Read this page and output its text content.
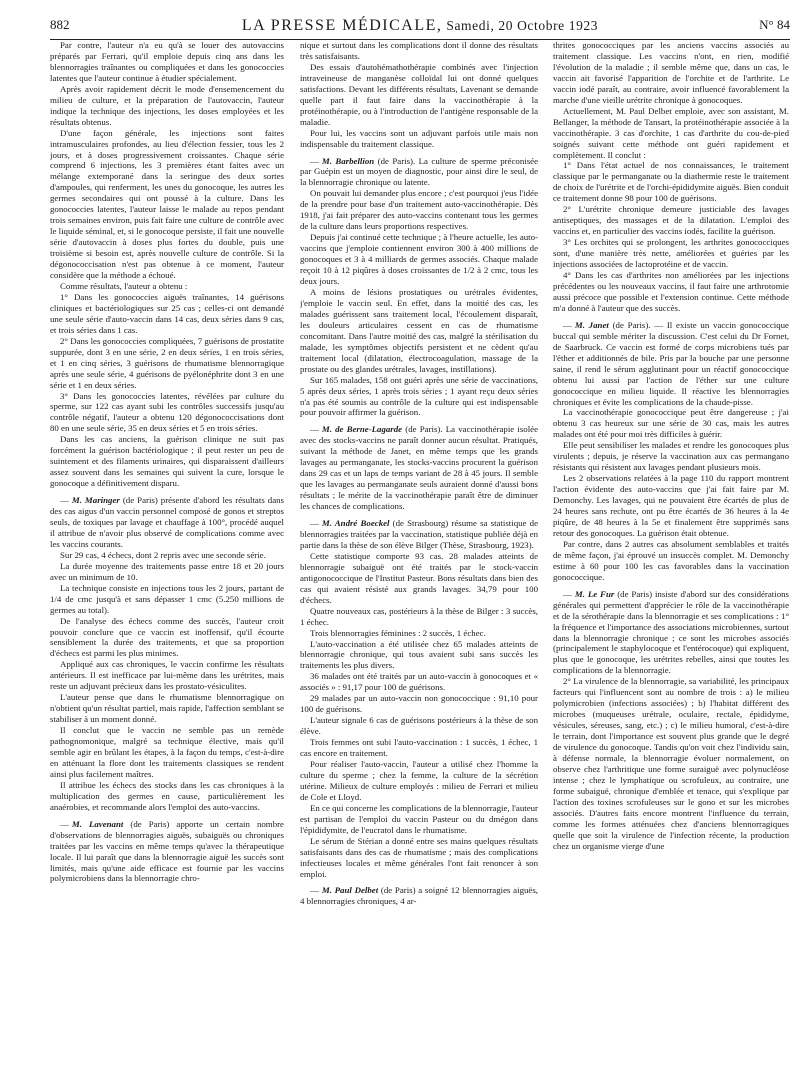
882	LA PRESSE MÉDICALE, Samedi, 20 Octobre 1923	N° 84

Par contre, l'auteur n'a eu qu'à se louer des autovaccins préparés par Ferrari, qu'il emploie depuis cinq ans dans les blennorragies traînantes ou compliquées et dans les gonococcies latentes que l'auteur continue à étudier spécialement.

Après avoir rapidement décrit le mode d'ensemencement du milieu de culture, et la préparation de l'autovaccin, l'auteur indique la technique des injections, les doses employées et les résultats obtenus.

D'une façon générale, les injections sont faites intramusculaires profondes, au lieu d'élection fessier, tous les 2 jours, et à doses progressivement croissantes. Chaque série comprend 6 injections, les 3 premières étant faites avec un mélange extemporané dans la seringue des deux sortes d'ampoules, qui renferment, les unes du gonocoque, les autres les germes secondaires qui ont poussé à la culture. Dans les gonococcies latentes, l'auteur laisse le malade au repos pendant trois semaines environ, puis fait faire une culture de contrôle avec le liquide séminal, et, si le gonocoque persiste, il fait une nouvelle série d'autovaccin à doses plus fortes du double, puis une troisième si besoin est, après nouvelle culture de contrôle. Si la dégonococcisation n'est pas obtenue à ce moment, l'auteur considère que la méthode a échoué.

Comme résultats, l'auteur a obtenu :

1° Dans les gonococcies aiguës traînantes, 14 guérisons cliniques et bactériologiques sur 25 cas ; celles-ci ont demandé une seule série d'auto-vaccin dans 14 cas, deux séries dans 9 cas, et trois séries dans 1 cas.

2° Dans les gonococcies compliquées, 7 guérisons de prostatite suppurée, dont 3 en une série, 2 en deux séries, 1 en trois séries, et 1 en cinq séries, 3 guérisons de rhumatisme blennorragique après une seule série, 4 guérisons de pyélonéphrite dont 3 en une série et 1 en deux séries.

3° Dans les gonococcies latentes, révélées par culture du sperme, sur 122 cas ayant subi les contrôles successifs jusqu'au contrôle négatif, l'auteur a obtenu 120 dégonococcisations dont 80 en une seule série, 35 en deux séries et 5 en trois séries.

Dans les cas anciens, la guérison clinique ne suit pas forcément la guérison bactériologique ; il peut rester un peu de suintement et des filaments urinaires, qui disparaissent d'ailleurs assez souvent dans les semaines qui suivent la cure, lorsque le gonocoque a définitivement disparu.

— M. Maringer (de Paris) présente d'abord les résultats dans des cas aigus d'un vaccin personnel composé de gonos et streptos seuls, de toxiques par lavage et chauffage à 100°, procédé auquel il attribue de n'avoir plus observé de complications comme avec les vaccins courants.

Sur 29 cas, 4 échecs, dont 2 repris avec une seconde série.

La durée moyenne des traitements passe entre 18 et 20 jours avec un minimum de 10.

La technique consiste en injections tous les 2 jours, partant de 1/4 de cmc jusqu'à et sans dépasser 1 cmc (5.250 millions de germes au total).

De l'analyse des échecs comme des succès, l'auteur croit pouvoir conclure que ce vaccin est inoffensif, qu'il écourte sensiblement la durée des traitements, et que sa proportion d'échecs est parmi les plus minimes.

Appliqué aux cas chroniques, le vaccin confirme les résultats antérieurs. Il est inefficace par lui-même dans les urétrites, mais reste un adjuvant précieux dans les prostato-vésiculites.

L'auteur pense que dans le rhumatisme blennorragique on n'obtient qu'un résultat partiel, mais rapide, l'affection semblant se stabiliser à un moment donné.

Il conclut que le vaccin ne semble pas un remède pathognomonique, malgré sa technique élective, mais qu'il semble agir en brûlant les étapes, à la façon du temps, c'est-à-dire en atténuant la flore dont les traitements classiques se rendent ainsi plus facilement maîtres.

Il attribue les échecs des stocks dans les cas chroniques à la multiplication des germes en cause, particulièrement les anaérobies, et recommande alors l'emploi des auto-vaccins.

— M. Lavenant (de Paris) apporte un certain nombre d'observations de blennorragies aiguës, subaiguës ou chroniques traitées par les vaccins en même temps qu'avec la thérapeutique locale. Il lui paraît que dans la blennorragie aiguë les succès sont limités, mais qu'une aide efficace est fournie par les vaccins polymicrobiens dans la blennorragie chro-

nique et surtout dans les complications dont il donne des résultats très satisfaisants.

Des essais d'autohémathothérapie combinés avec l'injection intraveineuse de manganèse colloïdal lui ont donné quelques satisfactions. Devant les différents résultats, Lavenant se demande quelle part il faut faire dans la vaccinothérapie à la protéinothérapie, ou à l'introduction de l'antigène responsable de la maladie.

Pour lui, les vaccins sont un adjuvant parfois utile mais non indispensable du traitement classique.

— M. Barbellion (de Paris). La culture de sperme préconisée par Guépin est un moyen de diagnostic, pour ainsi dire le seul, de la blennorragie chronique ou latente.

On pouvait lui demander plus encore ; c'est pourquoi j'eus l'idée de la prendre pour base d'un traitement auto-vaccinothérapie. Dès 1918, j'ai fait préparer des auto-vaccins contenant tous les germes de la culture dans leurs proportions respectives.

Depuis j'ai continué cette technique ; à l'heure actuelle, les auto-vaccins que j'emploie contiennent environ 300 à 400 millions de gonocoques et 3 à 4 milliards de germes associés. Chaque malade reçoit 10 à 12 piqûres à doses croissantes de 1/2 à 2 cmc, tous les deux jours.

A moins de lésions prostatiques ou urétrales évidentes, j'emploie le vaccin seul. En effet, dans la moitié des cas, les malades guérissent sans traitement local, l'écoulement disparaît, les douleurs articulaires cessent en cas de rhumatisme concomitant. Dans l'autre moitié des cas, malgré la stérilisation du malade, les symptômes objectifs persistent et ne cèdent qu'au traitement local (dilatation, électrocoagulation, massage de la prostate ou des glandes urétrales, lavages, instillations).

Sur 165 malades, 158 ont guéri après une série de vaccinations, 5 après deux séries, 1 après trois séries ; 1 ayant reçu deux séries n'a pas été soumis au contrôle de la culture qui est indispensable pour pouvoir affirmer la guérison.

— M. de Berne-Lagarde (de Paris). La vaccinothérapie isolée avec des stocks-vaccins ne paraît donner aucun résultat. Pratiqués, suivant la méthode de Janet, en même temps que les grands lavages au permanganate, les stocks-vaccins procurent la guérison dans 29 cas et un laps de temps variant de 28 à 45 jours. Il semble que les lavages au permanganate seuls auraient donné d'aussi bons résultats ; le mérite de la vaccinothérapie paraît être de diminuer les chances de complications.

— M. André Boeckel (de Strasbourg) résume sa statistique de blennorragies traitées par la vaccination, statistique publiée déjà en partie dans la thèse de son élève Bilger (Thèse, Strasbourg, 1923).

Cette statistique comporte 93 cas. 28 malades atteints de blennorragie subaiguë ont été traités par le stock-vaccin antigonococcique de l'Institut Pasteur. Bons résultats dans bien des cas qui avaient résisté aux grands lavages. 34,79 pour 100 d'échecs.

Quatre nouveaux cas, postérieurs à la thèse de Bilger : 3 succès, 1 échec.

Trois blennorragies féminines : 2 succès, 1 échec.

L'auto-vaccination a été utilisée chez 65 malades atteints de blennorragie chronique, qui tous avaient subi sans succès les traitements les plus divers.

36 malades ont été traités par un auto-vaccin à gonocoques et « associés » : 91,17 pour 100 de guérisons.

29 malades par un auto-vaccin non gonococcique : 91,10 pour 100 de guérisons.

L'auteur signale 6 cas de guérisons postérieurs à la thèse de son élève.

Trois femmes ont subi l'auto-vaccination : 1 succès, 1 échec, 1 cas encore en traitement.

Pour réaliser l'auto-vaccin, l'auteur a utilisé chez l'homme la culture du sperme ; chez la femme, la culture de la sécrétion utérine. Milieux de culture employés : milieu de Ferrari et milieu de Cole et Lloyd.

En ce qui concerne les complications de la blennorragie, l'auteur est partisan de l'emploi du vaccin Pasteur ou du dmégon dans l'épididymite, de l'eucratol dans le rhumatisme.

Le sérum de Stérian a donné entre ses mains quelques résultats satisfaisants dans des cas de rhumatisme ; mais des complications infectieuses locales et même générales l'ont fait renoncer à son emploi.

— M. Paul Delbet (de Paris) a soigné 12 blennorragies aiguës, 4 blennorragies chroniques, 4 ar-

thrites gonococciques par les anciens vaccins associés au traitement classique. Les vaccins n'ont, en rien, modifié l'évolution de la maladie ; il semble même que, dans un cas, le vaccin ait favorisé l'apparition de l'orchite et de l'arthrite. Le vaccin iodé paraît, au contraire, avoir influencé favorablement la marche d'une vieille urétrite chronique à gonocoques.

Actuellement, M. Paul Delbet emploie, avec son assistant, M. Bellanger, la méthode de Tansart, la protéinothérapie associée à la vaccinothérapie. 3 cas d'orchite, 1 cas d'arthrite du cou-de-pied soignés suivant cette méthode ont guéri rapidement et complètement. Il conclut :

1° Dans l'état actuel de nos connaissances, le traitement classique par le permanganate ou la diathermie reste le traitement de choix de l'urétrite et de l'orchi-épididymite aiguës. Bien conduit ce traitement donne 98 pour 100 de guérisons.

2° L'urétrite chronique demeure justiciable des lavages antiseptiques, des massages et de la dilatation. L'emploi des vaccins et, en particulier des vaccins iodés, facilite la guérison.

3° Les orchites qui se prolongent, les arthrites gonococciques sont, d'une manière très nette, améliorées et guéries par les injections associées de lactoprotéine et de vaccin.

4° Dans les cas d'arthrites non améliorées par les injections précédentes ou les nouveaux vaccins, il faut faire une arthrotomie aussi précoce que possible et l'extension continue. Cette méthode m'a donné à l'auteur que des succès.

— M. Janet (de Paris). — Il existe un vaccin gonococcique buccal qui semble mériter la discussion. C'est celui du Dr Fornet, de Saarbruck. Ce vaccin est formé de corps microbiens tués par l'éther et additionnés de bile. Pris par la bouche par une personne saine, il rend le sérum agglutinant pour un réactif gonococcique obtenu lui aussi par l'action de l'éther sur une culture gonococcique en milieu liquide. Il réactive les blennorragies chroniques et évite les complications de la chaude-pisse.

La vaccinothérapie gonococcique peut être dangereuse ; j'ai obtenu 3 cas heureux sur une série de 30 cas, mais les autres malades ont été pour moi très difficiles à guérir.

Elle peut sensibiliser les malades et rendre les gonocoques plus virulents ; depuis, je réserve la vaccination aux cas permangano résistants qui résistent aux lavages pendant plusieurs mois.

Les 2 observations relatées à la page 110 du rapport montrent l'action évidente des auto-vaccins que j'ai fait faire par M. Demonchy. Les lavages, qui ne pouvaient être écartés de plus de 24 heures sans rechute, ont pu être écartés de 36 heures à la 4e piqûre, de 48 heures à la 5e et finalement être supprimés sans retour des gonocoques. La guérison était obtenue.

Par contre, dans 2 autres cas absolument semblables et traités de même façon, j'ai éprouvé un insuccès complet. M. Demonchy estime à 60 pour 100 les cas favorables dans la vaccination gonococcique.

— M. Le Fur (de Paris) insiste d'abord sur des considérations générales qui permettent d'apprécier le rôle de la vaccinothérapie et de la sérothérapie dans la blennorragie et ses complications : 1° la fréquence et l'importance des associations microbiennes, surtout dans la blennorragie chronique ; ce sont les microbes associés (principalement le staphylocoque et l'entérocoque) qui expliquent, plus que le gonocoque, les urétrites rebelles, ainsi que toutes les complications de la blennorragie.

2° La virulence de la blennorragie, sa variabilité, les principaux facteurs qui l'influencent sont au nombre de trois : a) le milieu polymicrobien (infections associées) ; b) l'habitat différent des microbes (muqueuses urétrale, oculaire, rectale, épididyme, vésicules, séreuses, sang, etc.) ; c) le milieu humoral, c'est-à-dire le terrain, dont l'importance est souvent plus grande que le degré de virulence du gonocoque. Tandis qu'on voit chez l'individu sain, à défense normale, la blennorragie évoluer normalement, on observe chez l'arthritique une forme suraiguë avec polynucléose intense ; chez le lymphatique ou scrofuleux, au contraire, une forme subaiguë, chronique d'emblée et tenace, qui s'explique par l'action des toxines scrofuleuses sur le gono et sur les microbes associés. D'autres faits encore montrent l'influence du terrain, comme les formes atténuées chez d'anciens blennorragiques quelle que soit la virulence de l'infection récente, la production chez un organisme vierge d'une
